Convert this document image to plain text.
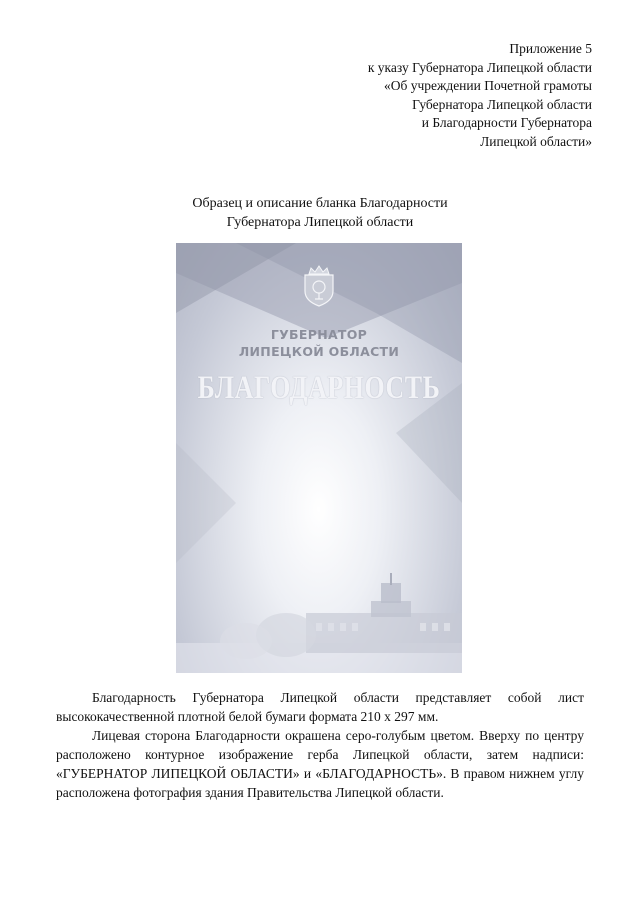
Приложение 5
к указу Губернатора Липецкой области
«Об учреждении Почетной грамоты
Губернатора Липецкой области
и Благодарности Губернатора
Липецкой области»
Образец и описание бланка Благодарности
Губернатора Липецкой области
ГУБЕРНАТОР
ЛИПЕЦКОЙ ОБЛАСТИ
БЛАГОДАРНОСТЬ

Благодарность Губернатора Липецкой области представляет собой лист высококачественной плотной белой бумаги формата 210 х 297 мм.

Лицевая сторона Благодарности окрашена серо-голубым цветом. Вверху по центру расположено контурное изображение герба Липецкой области, затем надписи: «ГУБЕРНАТОР ЛИПЕЦКОЙ ОБЛАСТИ» и «БЛАГОДАРНОСТЬ». В правом нижнем углу расположена фотография здания Правительства Липецкой области.
